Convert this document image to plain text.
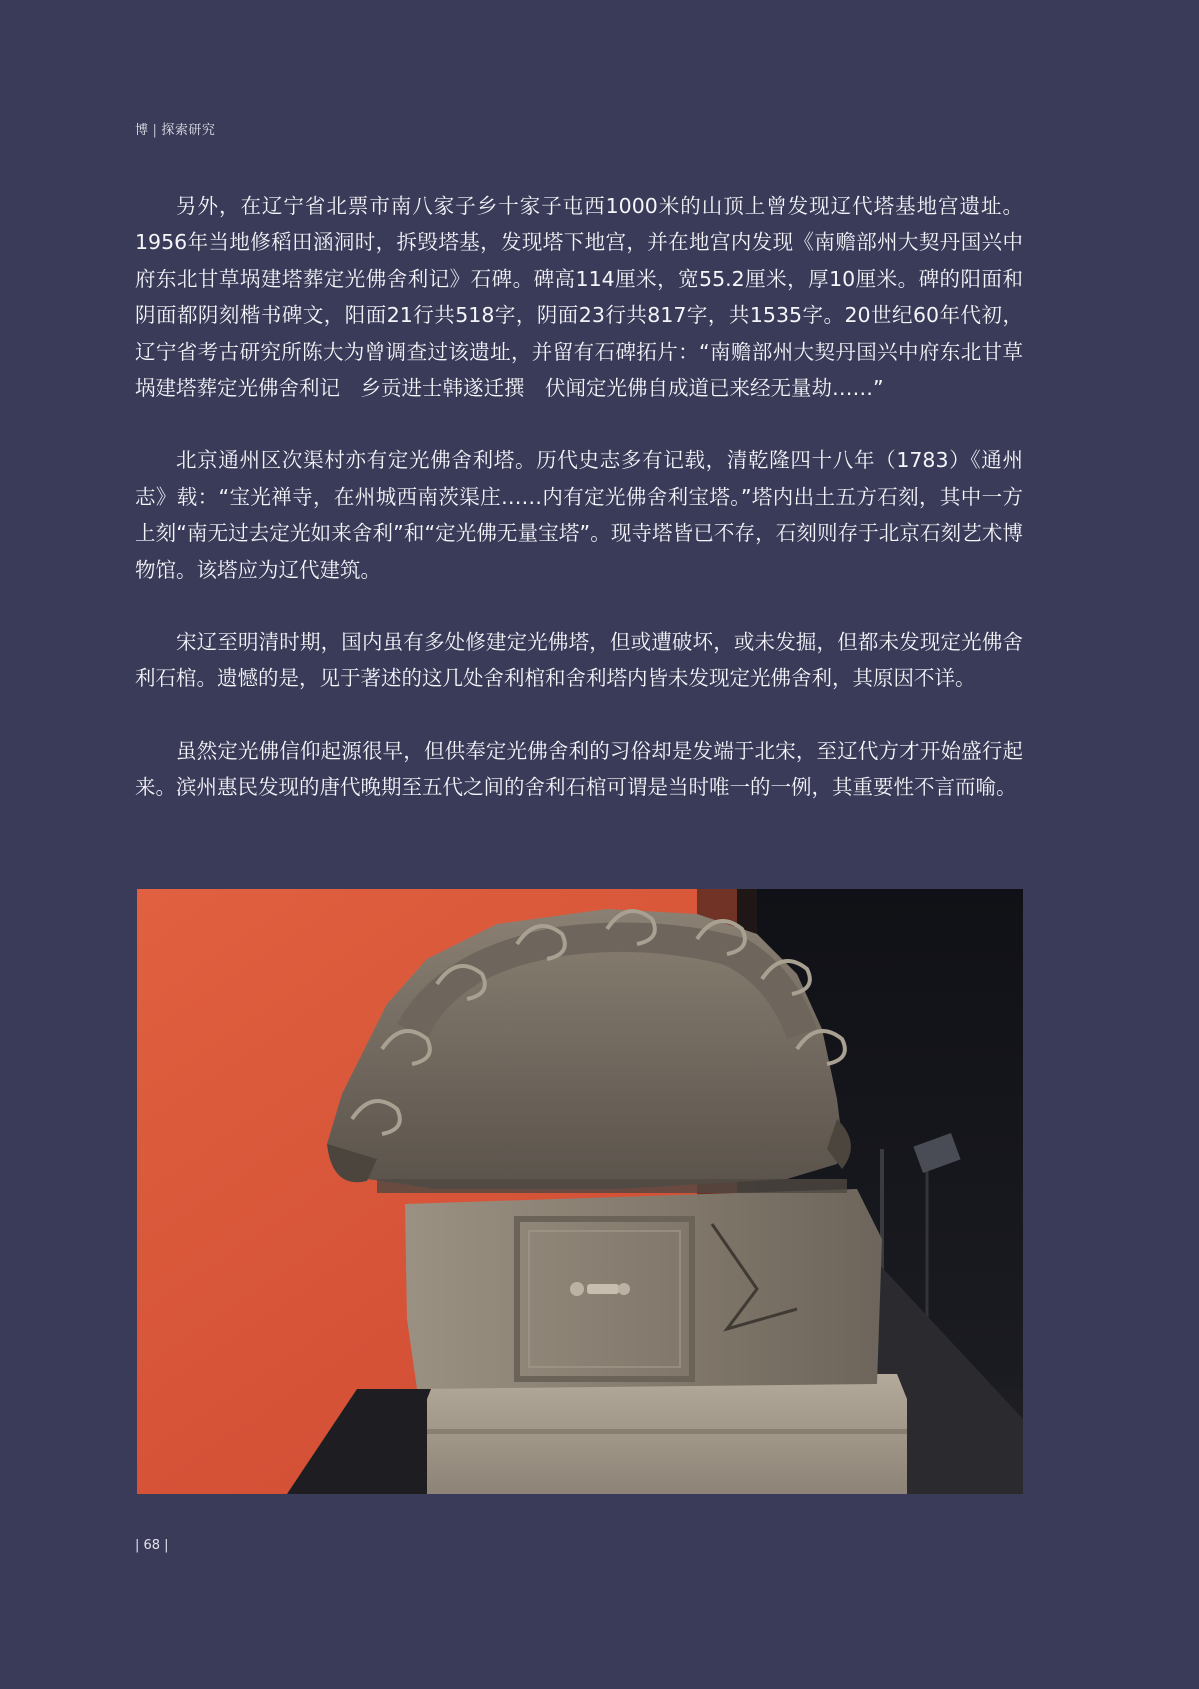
博 | 探索研究

另外，在辽宁省北票市南八家子乡十家子屯西1000米的山顶上曾发现辽代塔基地宫遗址。1956年当地修稻田涵洞时，拆毁塔基，发现塔下地宫，并在地宫内发现《南赡部州大契丹国兴中府东北甘草埚建塔葬定光佛舍利记》石碑。碑高114厘米，宽55.2厘米，厚10厘米。碑的阳面和阴面都阴刻楷书碑文，阳面21行共518字，阴面23行共817字，共1535字。20世纪60年代初，辽宁省考古研究所陈大为曾调查过该遗址，并留有石碑拓片：“南赡部州大契丹国兴中府东北甘草埚建塔葬定光佛舍利记　乡贡进士韩遂迁撰　伏闻定光佛自成道已来经无量劫……”

北京通州区次渠村亦有定光佛舍利塔。历代史志多有记载，清乾隆四十八年（1783）《通州志》载：“宝光禅寺，在州城西南茨渠庄……内有定光佛舍利宝塔。”塔内出土五方石刻，其中一方上刻“南无过去定光如来舍利”和“定光佛无量宝塔”。现寺塔皆已不存，石刻则存于北京石刻艺术博物馆。该塔应为辽代建筑。

宋辽至明清时期，国内虽有多处修建定光佛塔，但或遭破坏，或未发掘，但都未发现定光佛舍利石棺。遗憾的是，见于著述的这几处舍利棺和舍利塔内皆未发现定光佛舍利，其原因不详。

虽然定光佛信仰起源很早，但供奉定光佛舍利的习俗却是发端于北宋，至辽代方才开始盛行起来。滨州惠民发现的唐代晚期至五代之间的舍利石棺可谓是当时唯一的一例，其重要性不言而喻。

| 68 |
